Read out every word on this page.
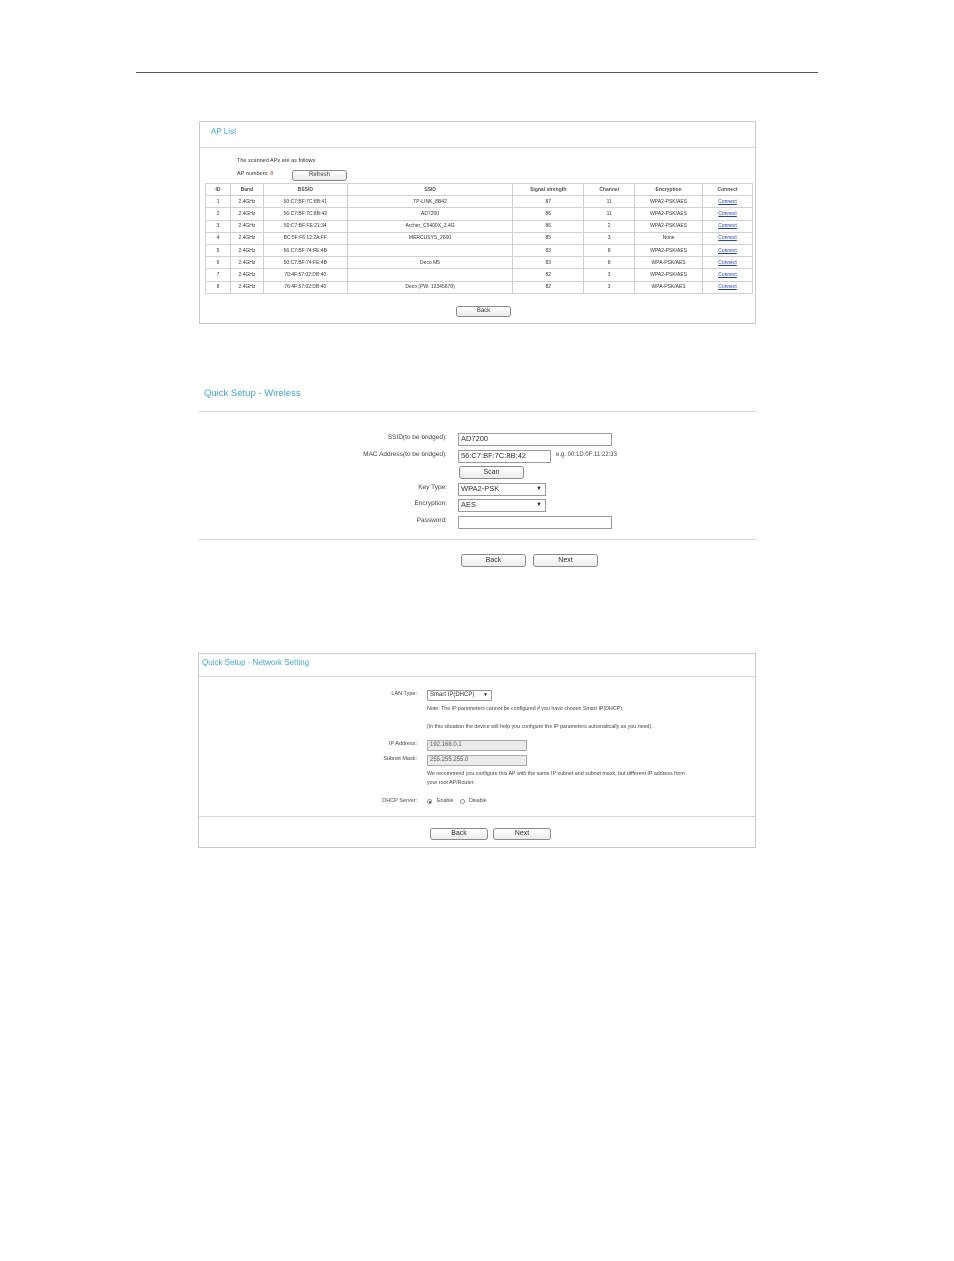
AP List
The scanned APs are as follows
AP numbers: 8	Refresh
ID	Band	BSSID	SSID	Signal strength	Channel	Encryption	Connect
1	2.4GHz	50:C7:BF:7C:8B:41	TP-LINK_8B42	87	11	WPA2-PSK/AES	Connect
2	2.4GHz	56:C7:BF:7C:8B:42	AD7200	86	11	WPA2-PSK/AES	Connect
3	2.4GHz	50:C7:BF:FE:21:34	Archer_C5400X_2.4G	86	2	WPA2-PSK/AES	Connect
4	2.4GHz	BC:5F:F6:12:2A:FF	MERCUSYS_2600	85	3	None	Connect
5	2.4GHz	56:C7:BF:74:FE:4B		83	8	WPA2-PSK/AES	Connect
6	2.4GHz	50:C7:BF:74:FE:4B	Deco M5	83	8	WPA-PSK/AES	Connect
7	2.4GHz	70:4F:57:02:DB:40		82	3	WPA2-PSK/AES	Connect
8	2.4GHz	76:4F:57:02:DB:40	Deco (PW: 12345678)	82	3	WPA-PSK/AES	Connect
Back
Quick Setup - Wireless
SSID(to be bridged):	AD7200
MAC Address(to be bridged):	56:C7:BF:7C:8B:42	e.g. 00:1D:0F:11:22:33
Scan
Key Type:	WPA2-PSK	▼
Encryption:	AES	▼
Password:
Back	Next
Quick Setup - Network Setting
LAN Type:	Smart IP(DHCP) ▼
Note: The IP parameters cannot be configured if you have chosen Smart IP(DHCP).
(In this situation the device will help you configure the IP parameters automatically as you need).
IP Address:	192.168.0.1
Subnet Mask:	255.255.255.0
We recommend you configure this AP with the same IP subnet and subnet mask, but different IP address from
your root AP/Router.
DHCP Server:	Enable	Disable
Back	Next
